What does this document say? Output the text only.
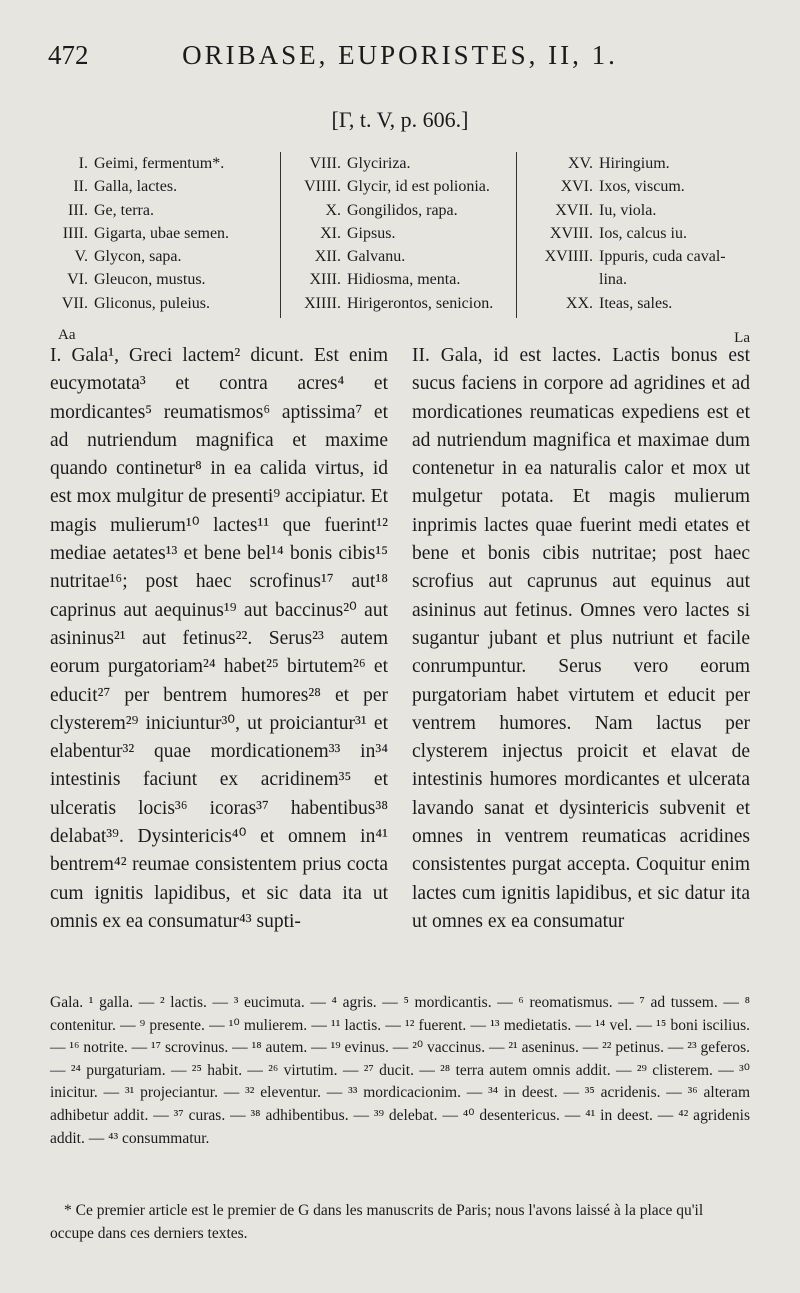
472	ORIBASE, EUPORISTES, II, 1.
[Γ, t. V, p. 606.]
I. Geimi, fermentum*.
II. Galla, lactes.
III. Ge, terra.
IIII. Gigarta, ubae semen.
V. Glycon, sapa.
VI. Gleucon, mustus.
VII. Gliconus, puleius.
VIII. Glyciriza.
VIIII. Glycir, id est polionia.
X. Gongilidos, rapa.
XI. Gipsus.
XII. Galvanu.
XIII. Hidiosma, menta.
XIIII. Hirigerontos, senicion.
XV. Hiringium.
XVI. Ixos, viscum.
XVII. Iu, viola.
XVIII. Ios, calcus iu.
XVIIII. Ippuris, cuda caval-
lina.
XX. Iteas, sales.
Aa	La

I. Gala¹, Greci lactem² dicunt. Est enim eucymotata³ et contra acres⁴ et mordicantes⁵ reumatismos⁶ aptissima⁷ et ad nutriendum magnifica et maxime quando continetur⁸ in ea calida virtus, id est mox mulgitur de presenti⁹ accipiatur. Et magis mulierum¹⁰ lactes¹¹ que fuerint¹² mediae aetates¹³ et bene bel¹⁴ bonis cibis¹⁵ nutritae¹⁶; post haec scrofinus¹⁷ aut¹⁸ caprinus aut aequinus¹⁹ aut baccinus²⁰ aut asininus²¹ aut fetinus²². Serus²³ autem eorum purgatoriam²⁴ habet²⁵ birtutem²⁶ et educit²⁷ per bentrem humores²⁸ et per clysterem²⁹ iniciuntur³⁰, ut proiciantur³¹ et elabentur³² quae mordicationem³³ in³⁴ intestinis faciunt ex acridinem³⁵ et ulceratis locis³⁶ icoras³⁷ habentibus³⁸ delabat³⁹. Dysintericis⁴⁰ et omnem in⁴¹ bentrem⁴² reumae consistentem prius cocta cum ignitis lapidibus, et sic data ita ut omnis ex ea consumatur⁴³ supti-

II. Gala, id est lactes. Lactis bonus est sucus faciens in corpore ad agridines et ad mordicationes reumaticas expediens est et ad nutriendum magnifica et maximae dum contenetur in ea naturalis calor et mox ut mulgetur potata. Et magis mulierum inprimis lactes quae fuerint medi etates et bene et bonis cibis nutritae; post haec scrofius aut caprunus aut equinus aut asininus aut fetinus. Omnes vero lactes si sugantur jubant et plus nutriunt et facile conrumpuntur. Serus vero eorum purgatoriam habet virtutem et educit per ventrem humores. Nam lactus per clysterem injectus proicit et elavat de intestinis humores mordicantes et ulcerata lavando sanat et dysintericis subvenit et omnes in ventrem reumaticas acridines consistentes purgat accepta. Coquitur enim lactes cum ignitis lapidibus, et sic datur ita ut omnes ex ea consumatur

Gala. ¹ galla. — ² lactis. — ³ eucimuta. — ⁴ agris. — ⁵ mordicantis. — ⁶ reomatismus. — ⁷ ad tussem. — ⁸ contenitur. — ⁹ presente. — ¹⁰ mulierem. — ¹¹ lactis. — ¹² fuerent. — ¹³ medietatis. — ¹⁴ vel. — ¹⁵ boni iscilius. — ¹⁶ notrite. — ¹⁷ scrovinus. — ¹⁸ autem. — ¹⁹ evinus. — ²⁰ vaccinus. — ²¹ aseninus. — ²² petinus. — ²³ geferos. — ²⁴ purgaturiam. — ²⁵ habit. — ²⁶ virtutim. — ²⁷ ducit. — ²⁸ terra autem omnis addit. — ²⁹ clisterem. — ³⁰ inicitur. — ³¹ projeciantur. — ³² eleventur. — ³³ mordicacionim. — ³⁴ in deest. — ³⁵ acridenis. — ³⁶ alteram adhibetur addit. — ³⁷ curas. — ³⁸ adhibentibus. — ³⁹ delebat. — ⁴⁰ desentericus. — ⁴¹ in deest. — ⁴² agridenis addit. — ⁴³ consummatur.

* Ce premier article est le premier de G dans les manuscrits de Paris; nous l'avons laissé à la place qu'il occupe dans ces derniers textes.
